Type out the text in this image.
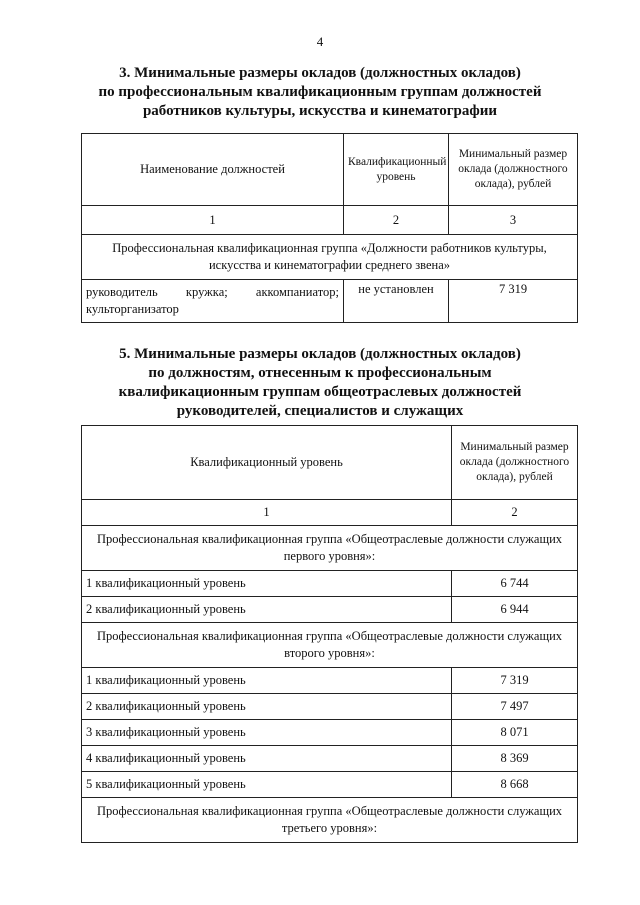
4
3. Минимальные размеры окладов (должностных окладов)
по профессиональным квалификационным группам должностей
работников культуры, искусства и кинематографии
Наименование должностей	Квалификационный уровень	Минимальный размер оклада (должностного оклада), рублей
1	2	3
Профессиональная квалификационная группа «Должности работников культуры, искусства и кинематографии среднего звена»		
руководитель кружка; аккомпаниатор; культорганизатор	не установлен	7 319
5. Минимальные размеры окладов (должностных окладов)
по должностям, отнесенным к профессиональным
квалификационным группам общеотраслевых должностей
руководителей, специалистов и служащих
Квалификационный уровень	Минимальный размер оклада (должностного оклада), рублей
1	2
Профессиональная квалификационная группа «Общеотраслевые должности служащих первого уровня»:	
1 квалификационный уровень	6 744
2 квалификационный уровень	6 944
Профессиональная квалификационная группа «Общеотраслевые должности служащих второго уровня»:	
1 квалификационный уровень	7 319
2 квалификационный уровень	7 497
3 квалификационный уровень	8 071
4 квалификационный уровень	8 369
5 квалификационный уровень	8 668
Профессиональная квалификационная группа «Общеотраслевые должности служащих третьего уровня»:	
